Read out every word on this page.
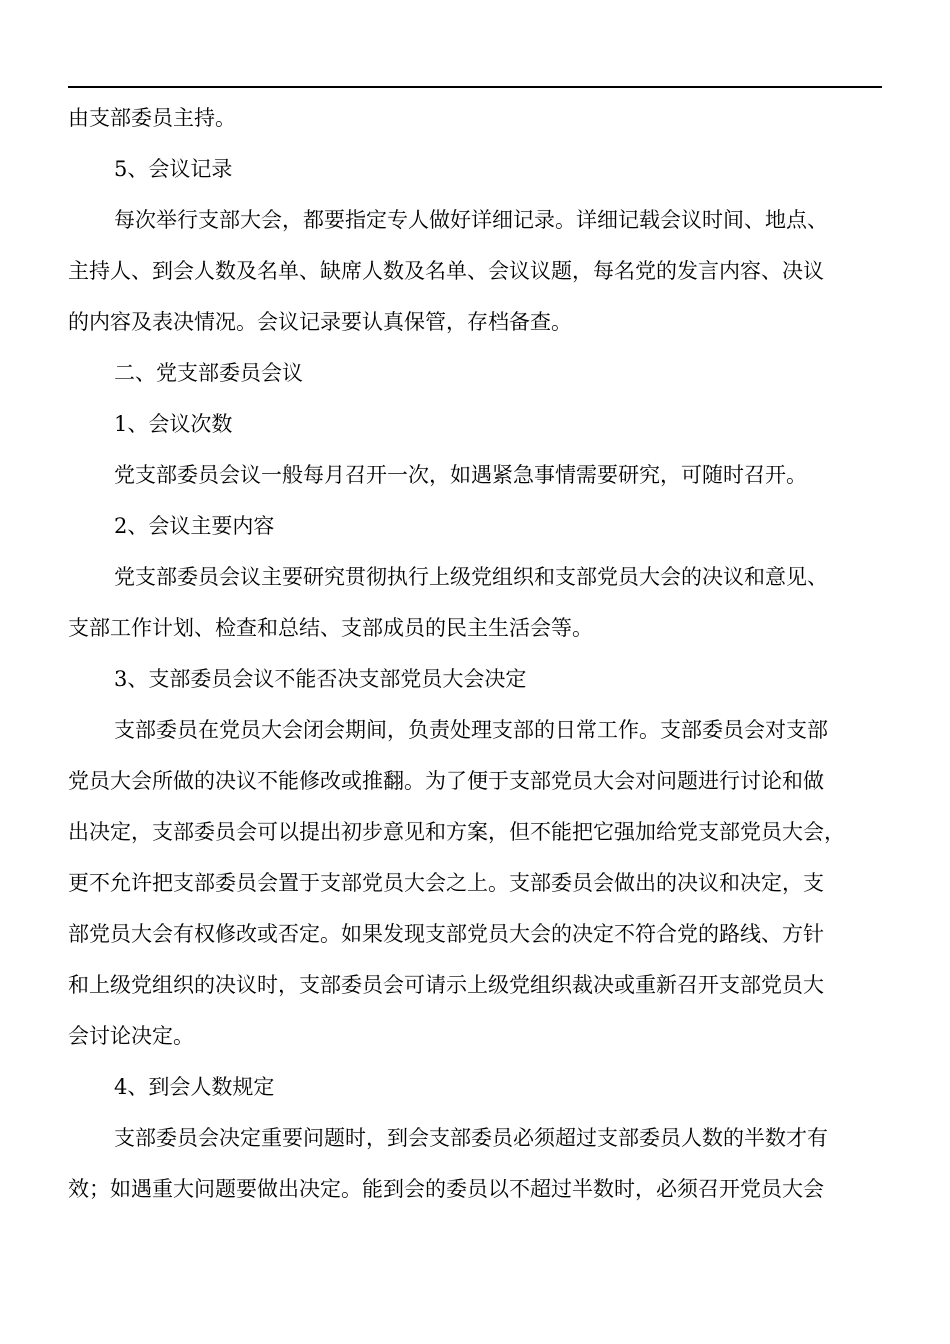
由支部委员主持。
5、会议记录
每次举行支部大会，都要指定专人做好详细记录。详细记载会议时间、地点、
主持人、到会人数及名单、缺席人数及名单、会议议题，每名党的发言内容、决议
的内容及表决情况。会议记录要认真保管，存档备查。
二、党支部委员会议
1、会议次数
党支部委员会议一般每月召开一次，如遇紧急事情需要研究，可随时召开。
2、会议主要内容
党支部委员会议主要研究贯彻执行上级党组织和支部党员大会的决议和意见、
支部工作计划、检查和总结、支部成员的民主生活会等。
3、支部委员会议不能否决支部党员大会决定
支部委员在党员大会闭会期间，负责处理支部的日常工作。支部委员会对支部
党员大会所做的决议不能修改或推翻。为了便于支部党员大会对问题进行讨论和做
出决定，支部委员会可以提出初步意见和方案，但不能把它强加给党支部党员大会，
更不允许把支部委员会置于支部党员大会之上。支部委员会做出的决议和决定，支
部党员大会有权修改或否定。如果发现支部党员大会的决定不符合党的路线、方针
和上级党组织的决议时，支部委员会可请示上级党组织裁决或重新召开支部党员大
会讨论决定。
4、到会人数规定
支部委员会决定重要问题时，到会支部委员必须超过支部委员人数的半数才有
效；如遇重大问题要做出决定。能到会的委员以不超过半数时，必须召开党员大会
